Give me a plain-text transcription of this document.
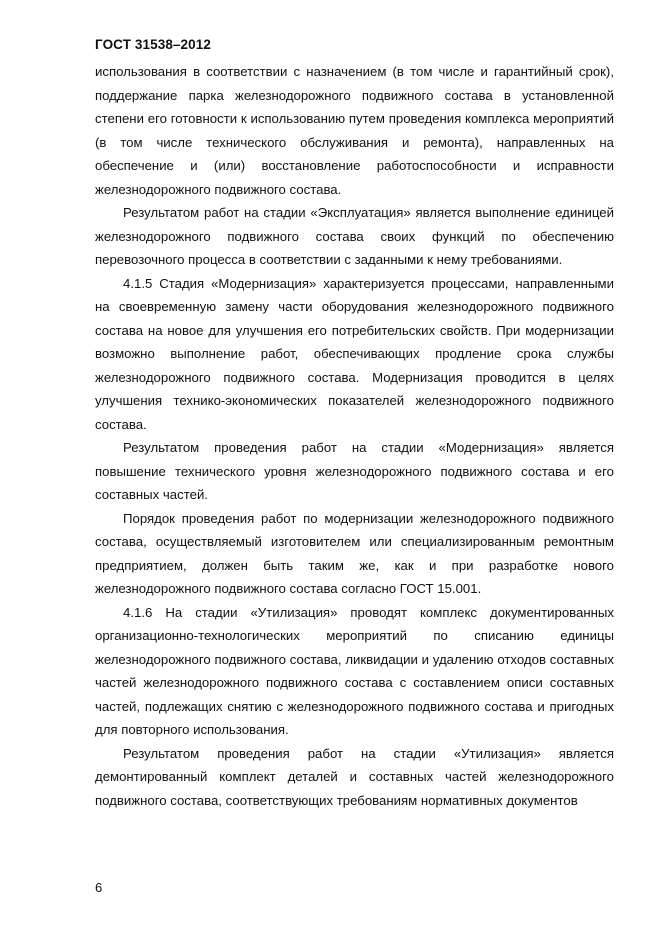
ГОСТ 31538–2012

использования в соответствии с назначением (в том числе и гарантийный срок), поддержание парка железнодорожного подвижного состава в установленной степени его готовности к использованию путем проведения комплекса мероприятий (в том числе технического обслуживания и ремонта), направленных на обеспечение и (или) восстановление работоспособности и исправности железнодорожного подвижного состава.

Результатом работ на стадии «Эксплуатация» является выполнение единицей железнодорожного подвижного состава своих функций по обеспечению перевозочного процесса в соответствии с заданными к нему требованиями.

4.1.5 Стадия «Модернизация» характеризуется процессами, направленными на своевременную замену части оборудования железнодорожного подвижного состава на новое для улучшения его потребительских свойств. При модернизации возможно выполнение работ, обеспечивающих продление срока службы железнодорожного подвижного состава. Модернизация проводится в целях улучшения технико-экономических показателей железнодорожного подвижного состава.

Результатом проведения работ на стадии «Модернизация» является повышение технического уровня железнодорожного подвижного состава и его составных частей.

Порядок проведения работ по модернизации железнодорожного подвижного состава, осуществляемый изготовителем или специализированным ремонтным предприятием, должен быть таким же, как и при разработке нового железнодорожного подвижного состава согласно ГОСТ 15.001.

4.1.6 На стадии «Утилизация» проводят комплекс документированных организационно-технологических мероприятий по списанию единицы железнодорожного подвижного состава, ликвидации и удалению отходов составных частей железнодорожного подвижного состава с составлением описи составных частей, подлежащих снятию с железнодорожного подвижного состава и пригодных для повторного использования.

Результатом проведения работ на стадии «Утилизация» является демонтированный комплект деталей и составных частей железнодорожного подвижного состава, соответствующих требованиям нормативных документов

6
